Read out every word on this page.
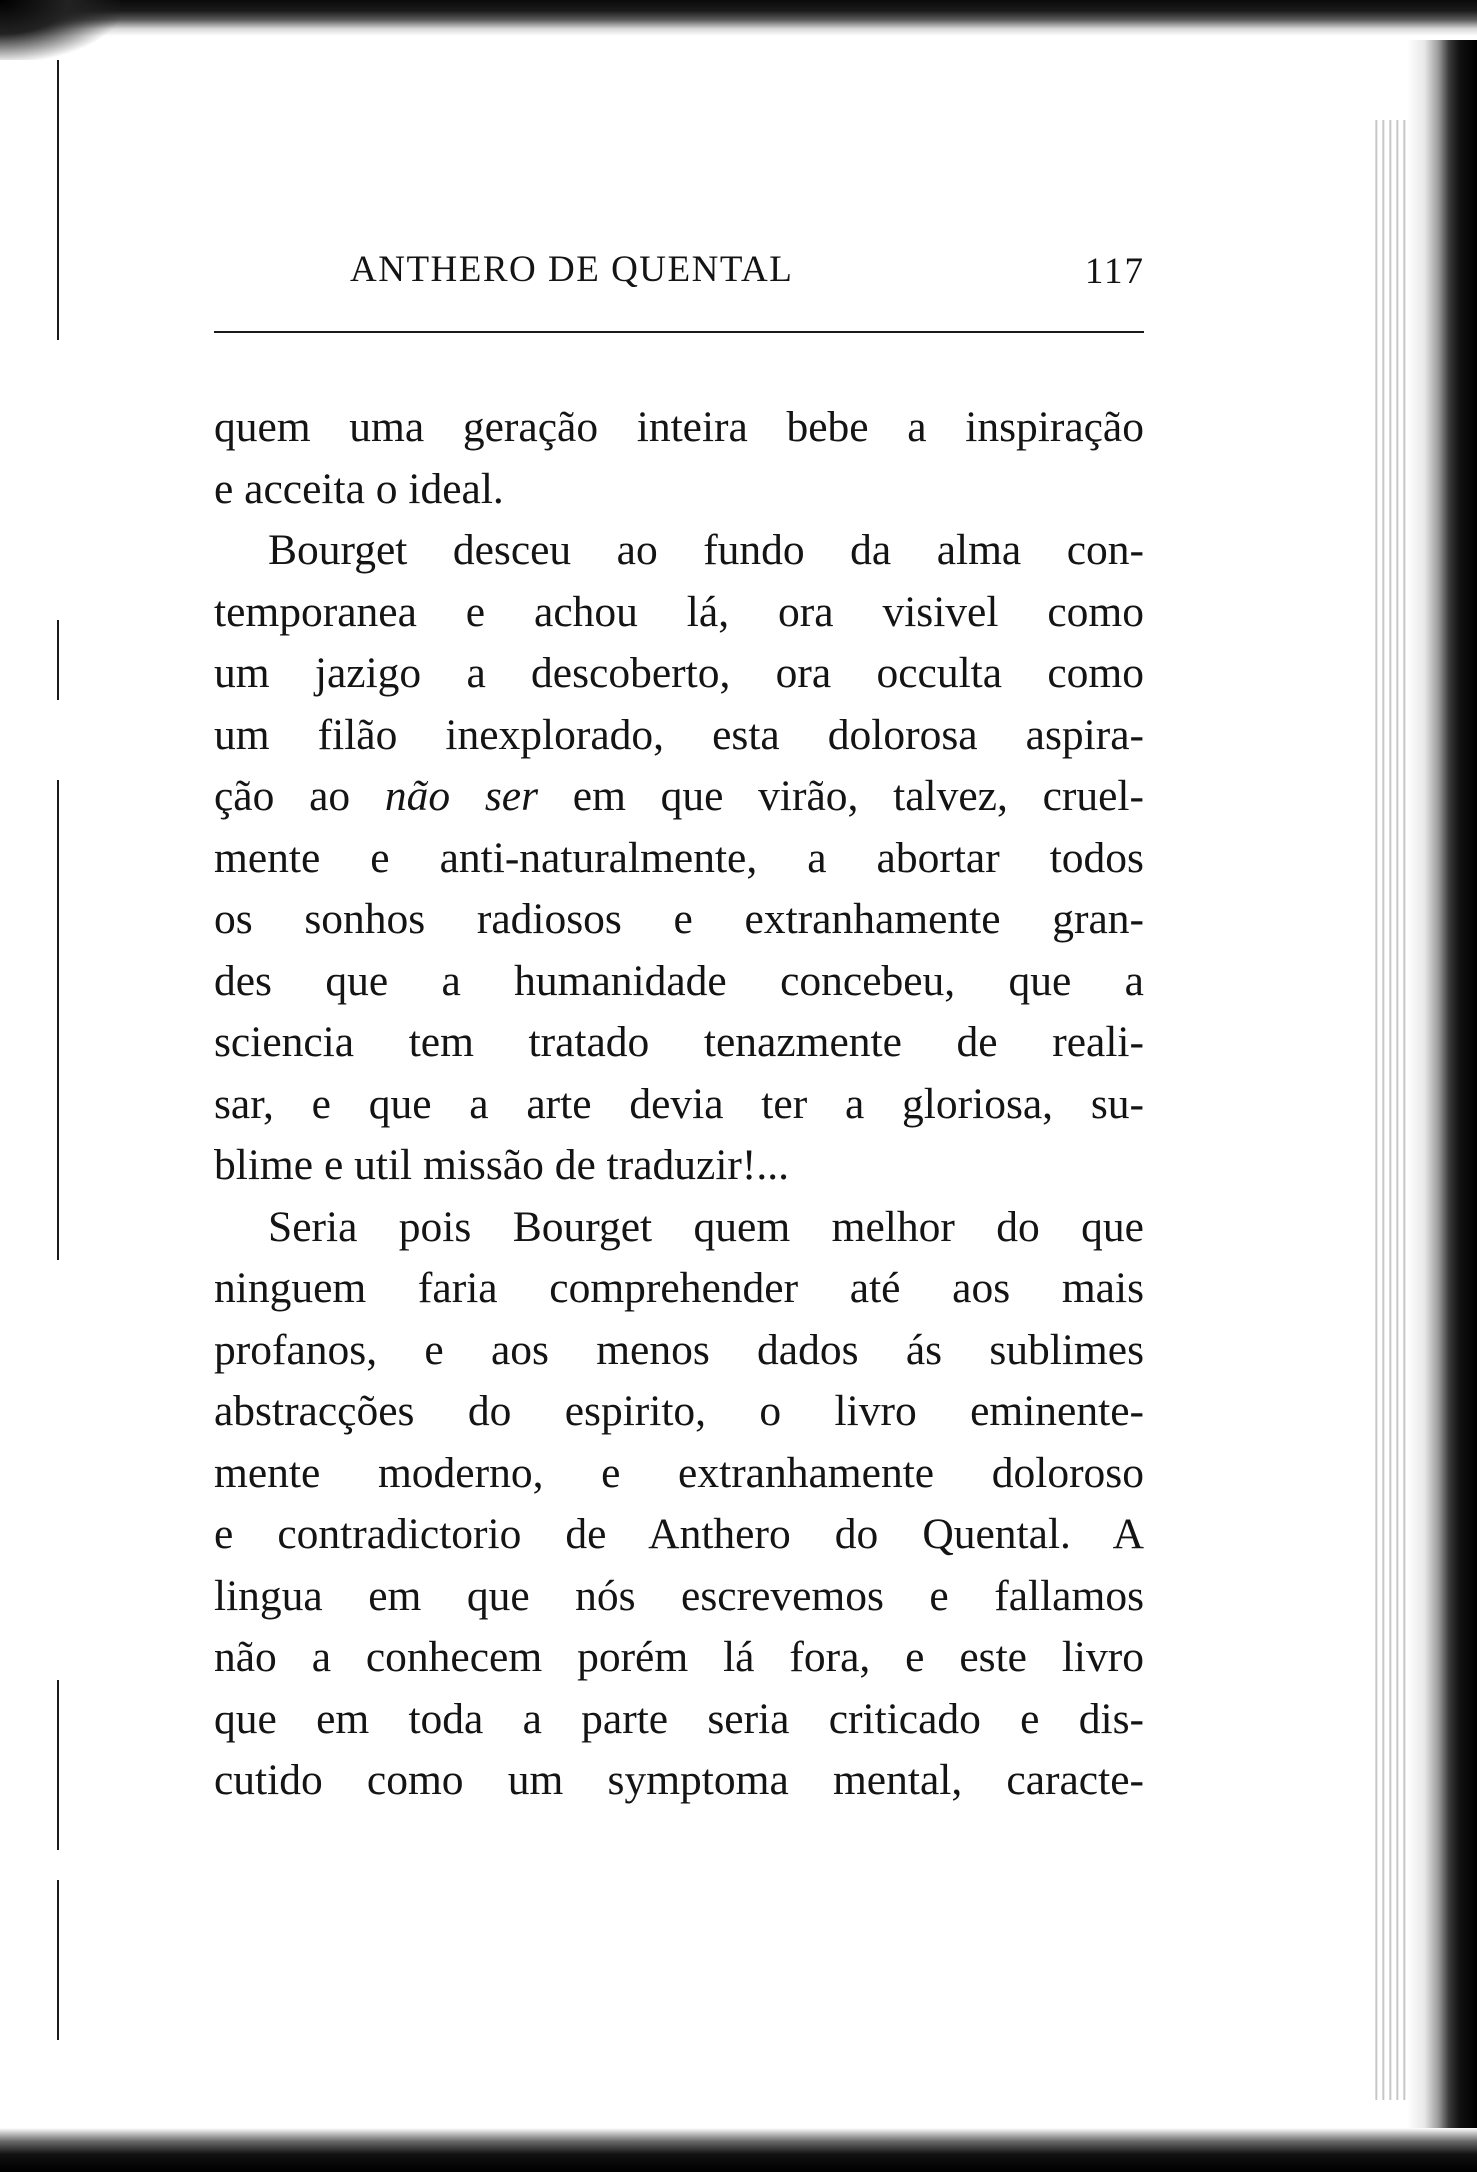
ANTHERO DE QUENTAL	117
quem uma geração inteira bebe a inspiração
e acceita o ideal.
Bourget desceu ao fundo da alma con-
temporanea e achou lá, ora visivel como
um jazigo a descoberto, ora occulta como
um filão inexplorado, esta dolorosa aspira-
ção ao não ser em que virão, talvez, cruel-
mente e anti-naturalmente, a abortar todos
os sonhos radiosos e extranhamente gran-
des que a humanidade concebeu, que a
sciencia tem tratado tenazmente de reali-
sar, e que a arte devia ter a gloriosa, su-
blime e util missão de traduzir!...
Seria pois Bourget quem melhor do que
ninguem faria comprehender até aos mais
profanos, e aos menos dados ás sublimes
abstracções do espirito, o livro eminente-
mente moderno, e extranhamente doloroso
e contradictorio de Anthero do Quental. A
lingua em que nós escrevemos e fallamos
não a conhecem porém lá fora, e este livro
que em toda a parte seria criticado e dis-
cutido como um symptoma mental, caracte-
